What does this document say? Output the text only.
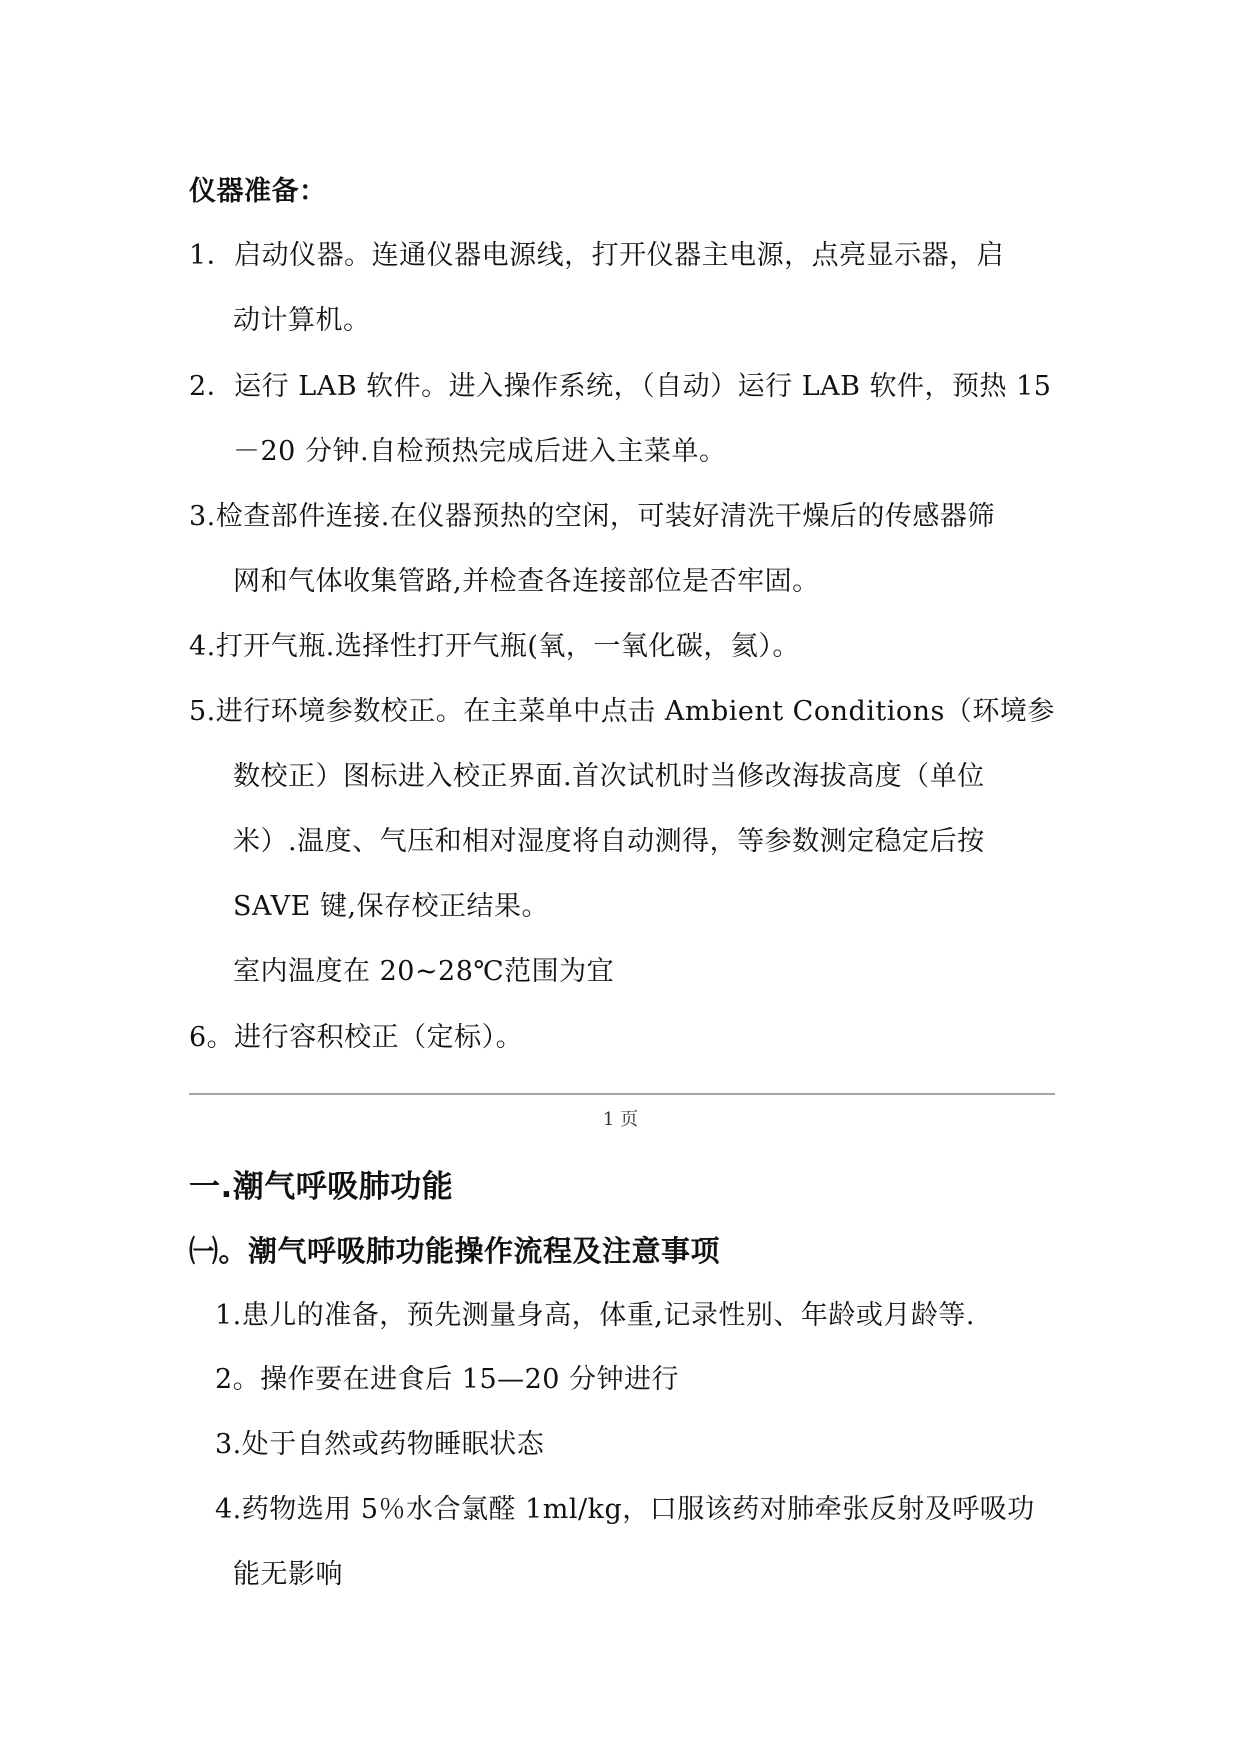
仪器准备：
1．启动仪器。连通仪器电源线，打开仪器主电源，点亮显示器，启
动计算机。
2．运行 LAB 软件。进入操作系统，（自动）运行 LAB 软件，预热 15
－20 分钟.自检预热完成后进入主菜单。
3.检查部件连接.在仪器预热的空闲，可装好清洗干燥后的传感器筛
网和气体收集管路,并检查各连接部位是否牢固。
4.打开气瓶.选择性打开气瓶(氧，一氧化碳，氦）。
5.进行环境参数校正。在主菜单中点击 Ambient Conditions（环境参
数校正）图标进入校正界面.首次试机时当修改海拔高度（单位
米）.温度、气压和相对湿度将自动测得，等参数测定稳定后按
SAVE 键,保存校正结果。
室内温度在 20~28℃范围为宜
6。进行容积校正（定标）。
1 页
一.潮气呼吸肺功能
㈠。潮气呼吸肺功能操作流程及注意事项
1.患儿的准备，预先测量身高，体重,记录性别、年龄或月龄等.
2。操作要在进食后 15—20 分钟进行
3.处于自然或药物睡眠状态
4.药物选用 5％水合氯醛 1ml/kg，口服该药对肺牵张反射及呼吸功
能无影响
